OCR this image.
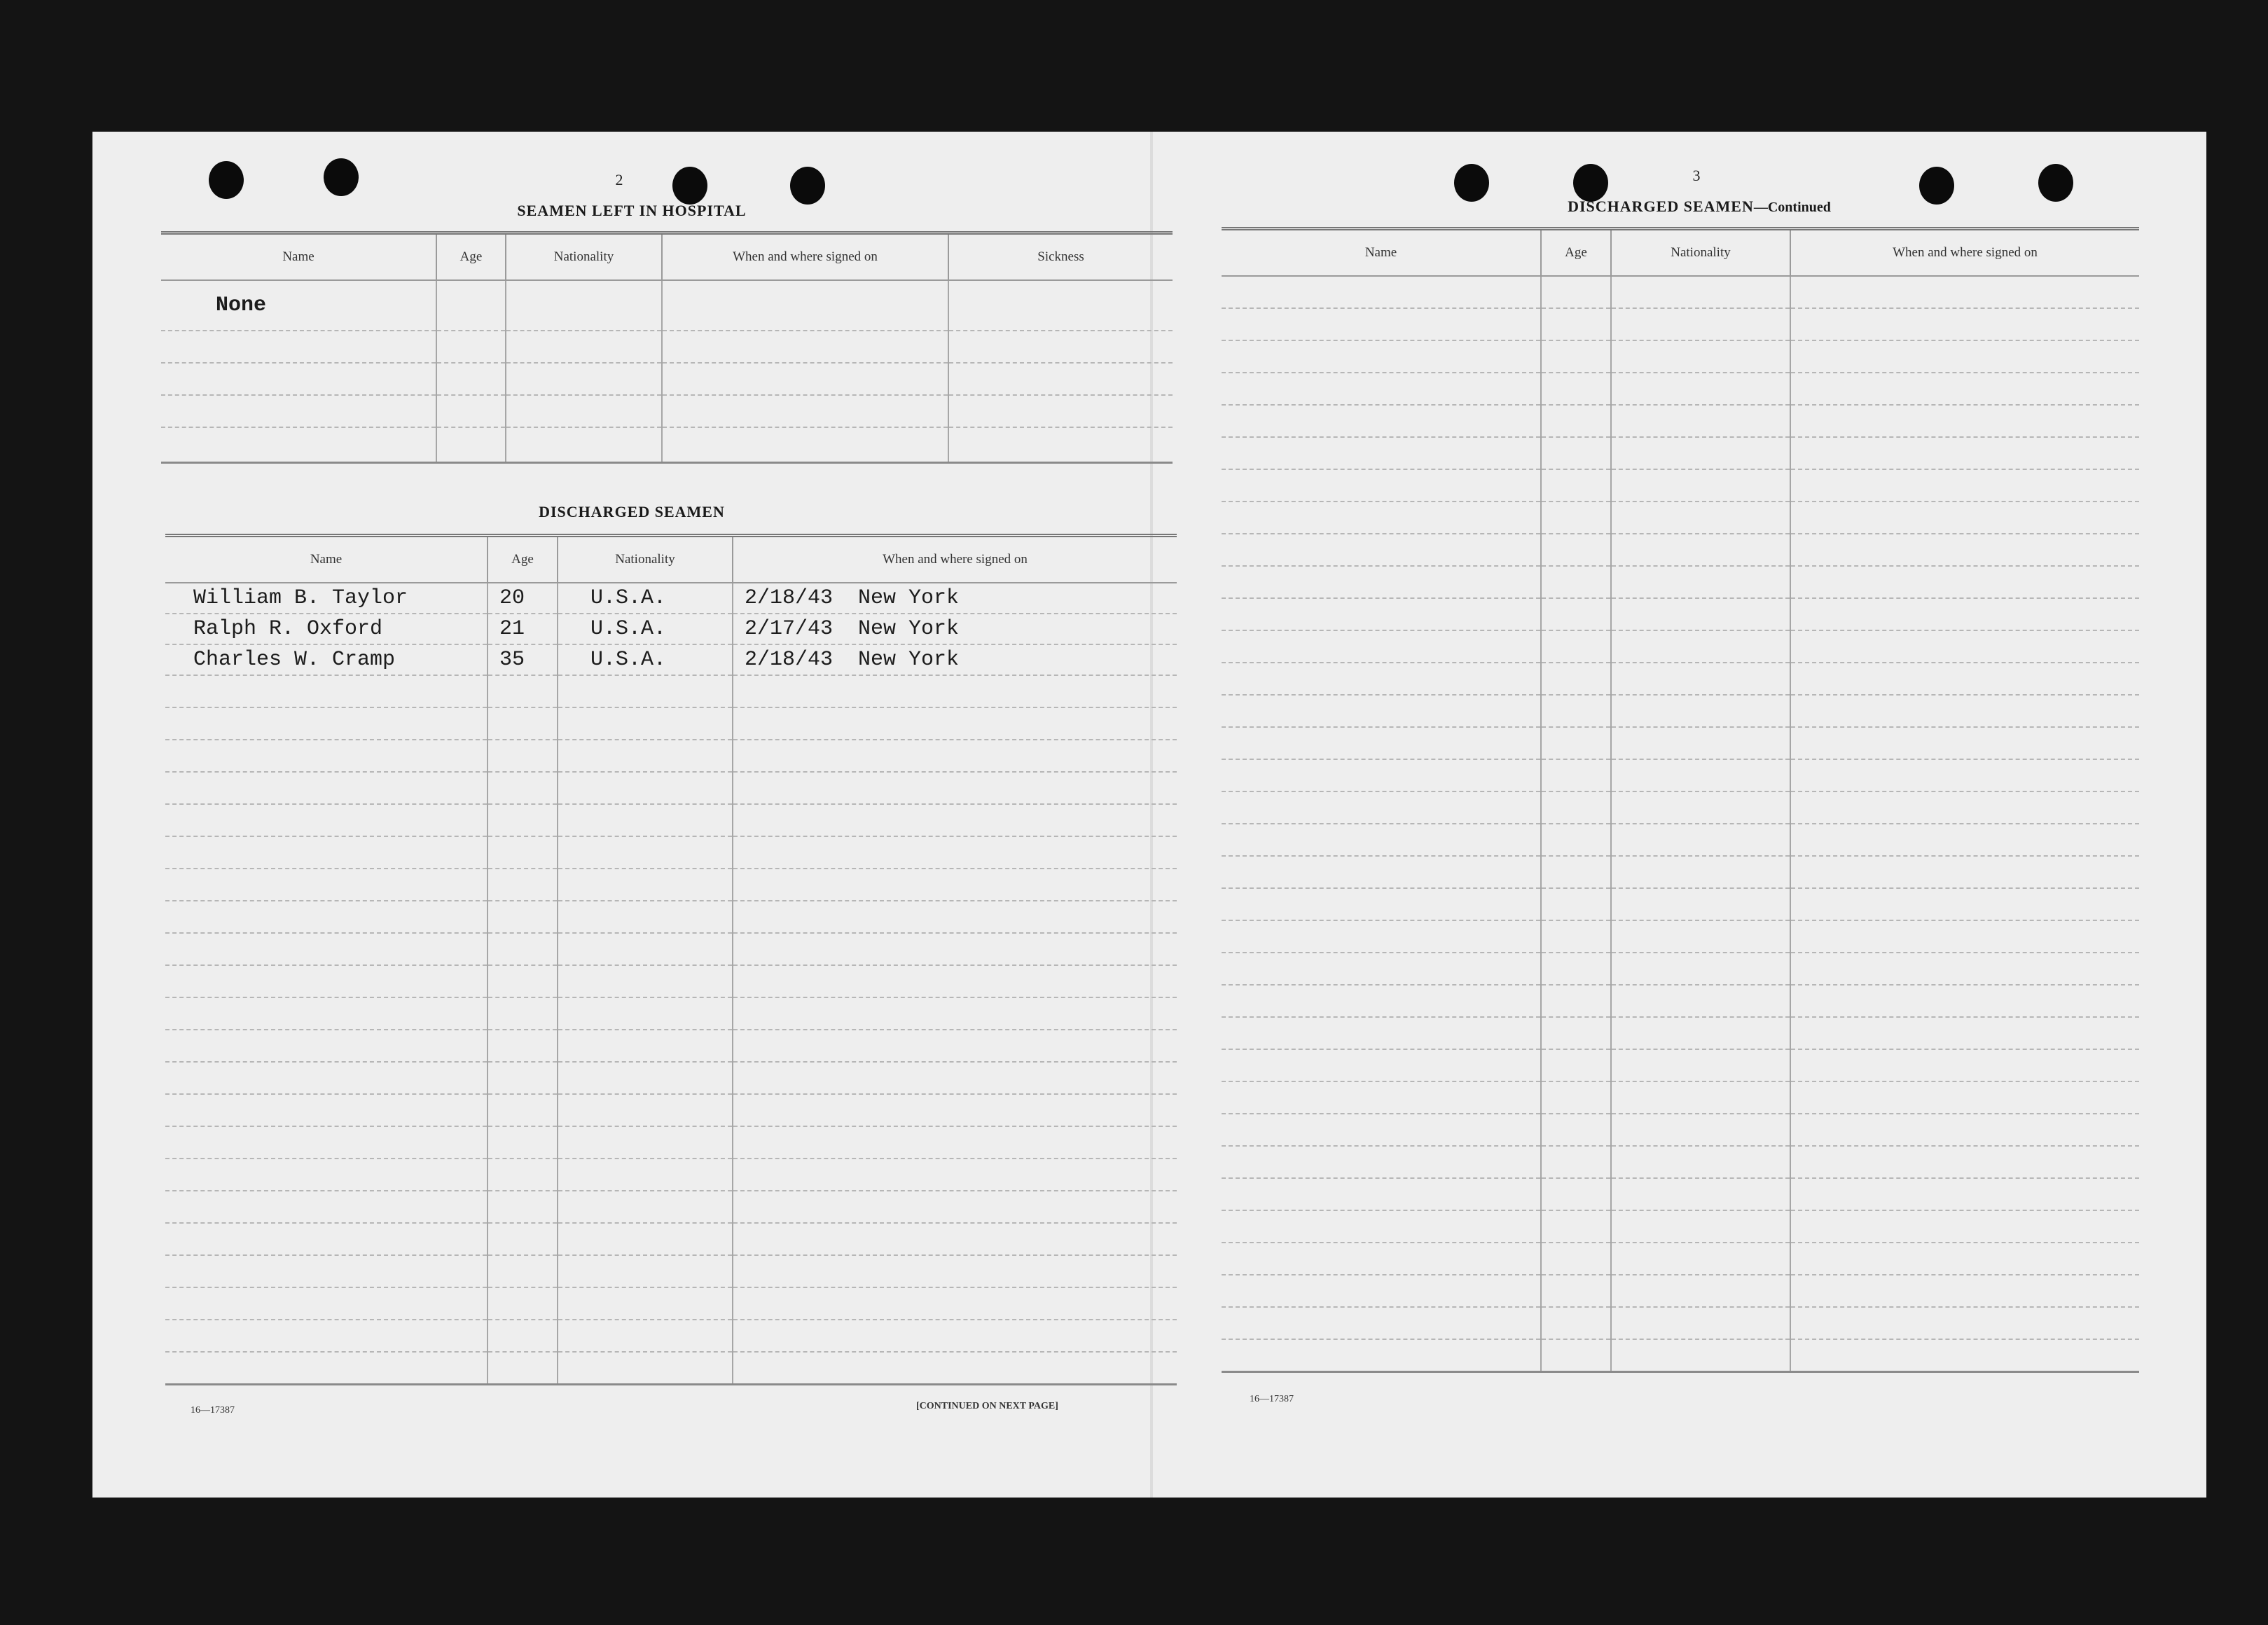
2
SEAMEN LEFT IN HOSPITAL
Name	Age	Nationality	When and where signed on	Sickness
None				

DISCHARGED SEAMEN
Name	Age	Nationality	When and where signed on
William B. Taylor	20	U.S.A.	2/18/43  New York
Ralph R. Oxford	21	U.S.A.	2/17/43  New York
Charles W. Cramp	35	U.S.A.	2/18/43  New York

16—17387	[CONTINUED ON NEXT PAGE]
3
DISCHARGED SEAMEN—Continued
Name	Age	Nationality	When and where signed on

16—17387
